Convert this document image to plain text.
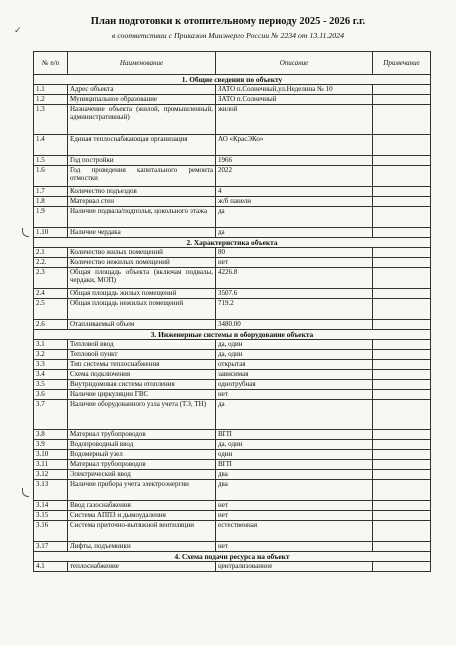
✓
План подготовки к отопительному периоду 2025 - 2026 г.г.
в соответствии с Приказом Минэнерго России № 2234 от 13.11.2024
№ п/п	Наименование	Описание	Примечание
1. Общие сведения по объекту			
1.1	Адрес объекта	ЗАТО п.Солнечный,ул.Неделина № 10	
1.2	Муниципальное образование	ЗАТО п.Солнечный	
1.3	Назначение объекта (жилой, промышленный, административный)	жилой	
1.4	Единая теплоснабжающая организация	АО «КрасЭКо»	
1.5	Год постройки	1966	
1.6	Год проведения капитального ремонта отмостки	2022	
1.7	Количество подъездов	4	
1.8	Материал стен	ж/б панели	
1.9	Наличие подвала/подполья, цокольного этажа	да	
1.10	Наличие чердака	да	
2. Характеристика объекта			
2.1	Количество жилых помещений	80	
2.2.	Количество нежилых помещений	нет	
2.3	Общая площадь объекта (включая подвалы, чердаки, МОП)	4226.8	
2.4	Общая площадь жилых помещений	3507.6	
2.5	Общая площадь нежилых помещений	719.2	
2.6	Отапливаемый объем	3480.00	
3. Инженерные системы и оборудование объекта			
3.1	Тепловой ввод	да, один	
3.2	Тепловой пункт	да, один	
3.3	Тип системы теплоснабжения	открытая	
3.4	Схема подключения	зависимая	
3.5	Внутридомовая система отопления	однотрубная	
3.6	Наличие циркуляции ГВС	нет	
3.7	Наличие оборудованного узла учета (ТЭ, ТН)	да	
3.8	Материал трубопроводов	ВГП	
3.9	Водопроводный ввод	да, один	
3.10	Водомерный узел	один	
3.11	Материал трубопроводов	ВГП	
3.12	Электрический ввод	два	
3.13	Наличие прибора учета электроэнергии	два	
3.14	Ввод газоснабжения	нет	
3.15	Система АППЗ и дымоудаления	нет	
3.16	Система приточно-вытяжной вентиляции	естественная	
3.17	Лифты, подъемники	нет	
4. Схема подачи ресурса на объект			
4.1	теплоснабжение	централизованное	
